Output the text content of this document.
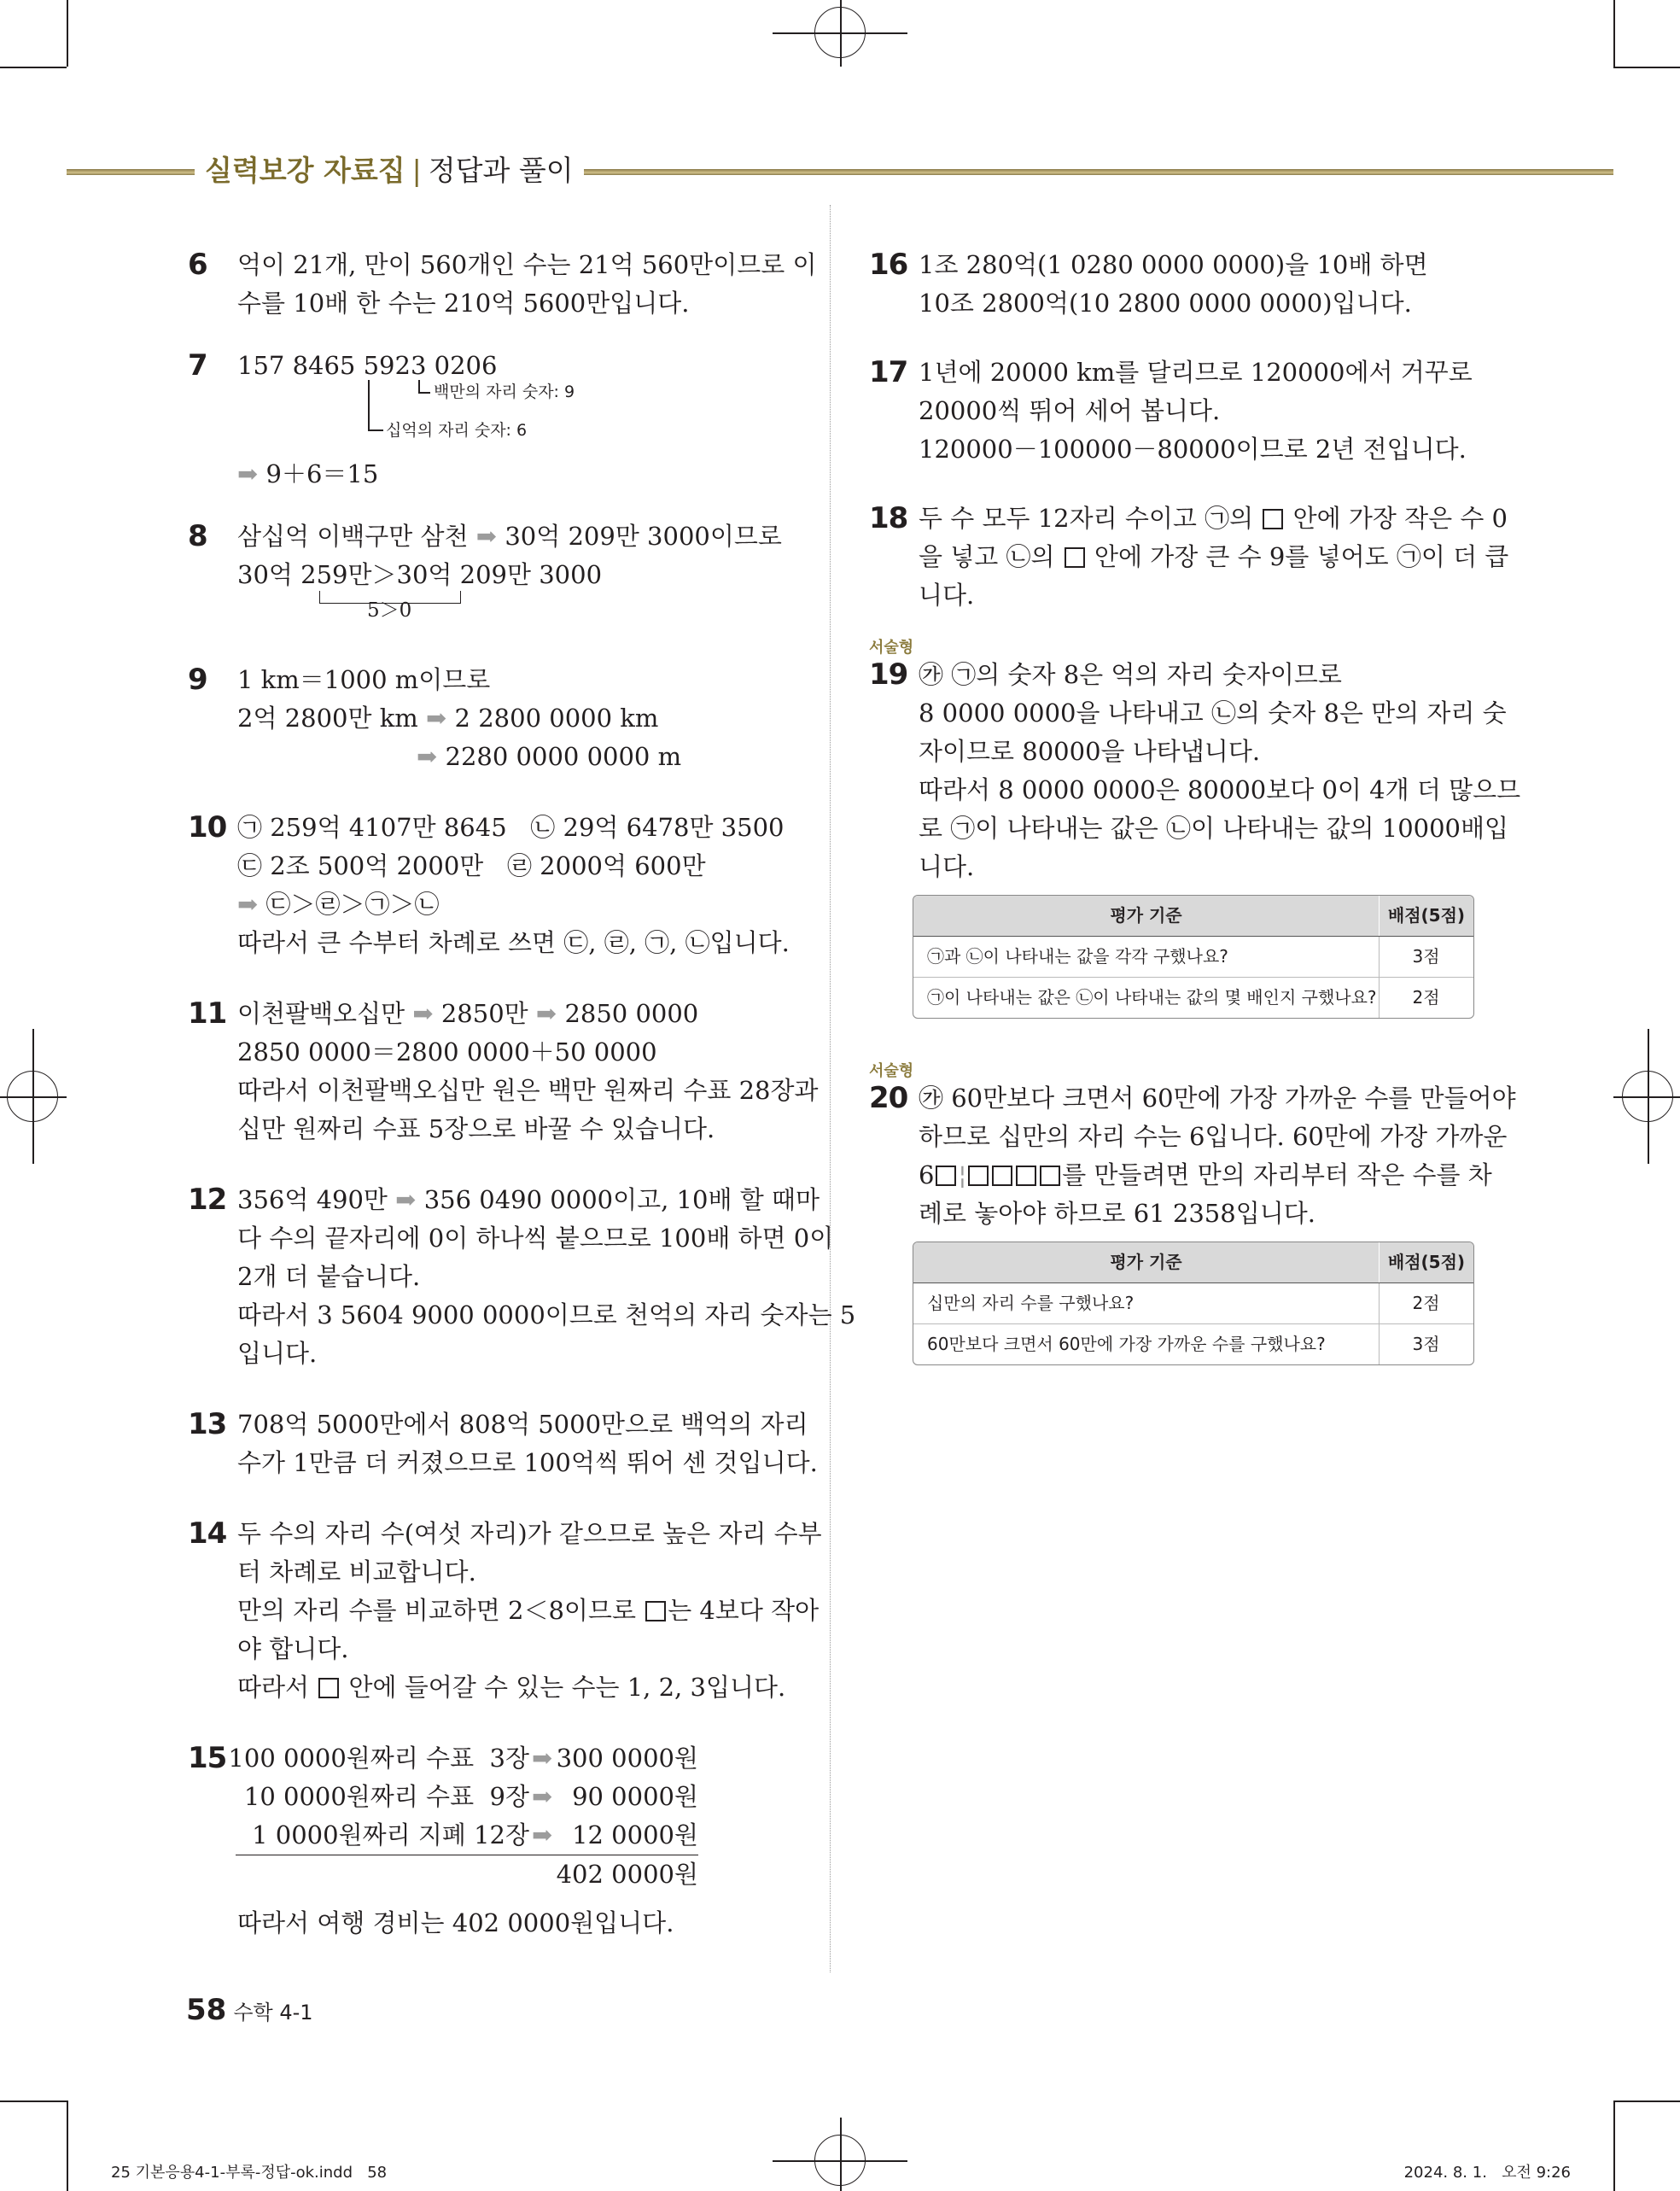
실력보강 자료집 | 정답과 풀이
6 억이 21개, 만이 560개인 수는 21억 560만이므로 이
수를 10배 한 수는 210억 5600만입니다.
7 157 8465 5923 0206
백만의 자리 숫자: 9
십억의 자리 숫자: 6
➡ 9＋6＝15
8 삼십억 이백구만 삼천 ➡ 30억 209만 3000이므로
30억 259만＞30억 209만 3000
5＞0
9 1 km＝1000 m이므로
2억 2800만 km ➡ 2 2800 0000 km
➡ 2280 0000 0000 m
10 ㉠ 259억 4107만 8645 ㉡ 29억 6478만 3500
㉢ 2조 500억 2000만 ㉣ 2000억 600만
➡ ㉢＞㉣＞㉠＞㉡
따라서 큰 수부터 차례로 쓰면 ㉢, ㉣, ㉠, ㉡입니다.
11 이천팔백오십만 ➡ 2850만 ➡ 2850 0000
2850 0000＝2800 0000＋50 0000
따라서 이천팔백오십만 원은 백만 원짜리 수표 28장과
십만 원짜리 수표 5장으로 바꿀 수 있습니다.
12 356억 490만 ➡ 356 0490 0000이고, 10배 할 때마
다 수의 끝자리에 0이 하나씩 붙으므로 100배 하면 0이
2개 더 붙습니다.
따라서 3 5604 9000 0000이므로 천억의 자리 숫자는 5
입니다.
13 708억 5000만에서 808억 5000만으로 백억의 자리
수가 1만큼 더 커졌으므로 100억씩 뛰어 센 것입니다.
14 두 수의 자리 수(여섯 자리)가 같으므로 높은 자리 수부
터 차례로 비교합니다.
만의 자리 수를 비교하면 2＜8이므로 는 4보다 작아
야 합니다.
따라서 안에 들어갈 수 있는 수는 1, 2, 3입니다.
15 100 0000원짜리 수표  3장 ➡ 300 0000원
10 0000원짜리 수표  9장 ➡ 90 0000원
1 0000원짜리 지폐 12장 ➡ 12 0000원
402 0000원
따라서 여행 경비는 402 0000원입니다.
16 1조 280억(1 0280 0000 0000)을 10배 하면
10조 2800억(10 2800 0000 0000)입니다.
17 1년에 20000 km를 달리므로 120000에서 거꾸로
20000씩 뛰어 세어 봅니다.
120000－100000－80000이므로 2년 전입니다.
18 두 수 모두 12자리 수이고 ㉠의 안에 가장 작은 수 0
을 넣고 ㉡의 안에 가장 큰 수 9를 넣어도 ㉠이 더 큽
니다.
서술형
19 ㉮ ㉠의 숫자 8은 억의 자리 숫자이므로
8 0000 0000을 나타내고 ㉡의 숫자 8은 만의 자리 숫
자이므로 80000을 나타냅니다.
따라서 8 0000 0000은 80000보다 0이 4개 더 많으므
로 ㉠이 나타내는 값은 ㉡이 나타내는 값의 10000배입
니다.
평가 기준	배점(5점)
㉠과 ㉡이 나타내는 값을 각각 구했나요?	3점
㉠이 나타내는 값은 ㉡이 나타내는 값의 몇 배인지 구했나요?	2점
서술형
20 ㉮ 60만보다 크면서 60만에 가장 가까운 수를 만들어야
하므로 십만의 자리 수는 6입니다. 60만에 가장 가까운
6 ¦	를 만들려면 만의 자리부터 작은 수를 차
례로 놓아야 하므로 61 2358입니다.
평가 기준	배점(5점)
십만의 자리 수를 구했나요?	2점
60만보다 크면서 60만에 가장 가까운 수를 구했나요?	3점
58 수학 4-1
25 기본응용4-1-부록-정답-ok.indd   58	2024. 8. 1.   오전 9:26
